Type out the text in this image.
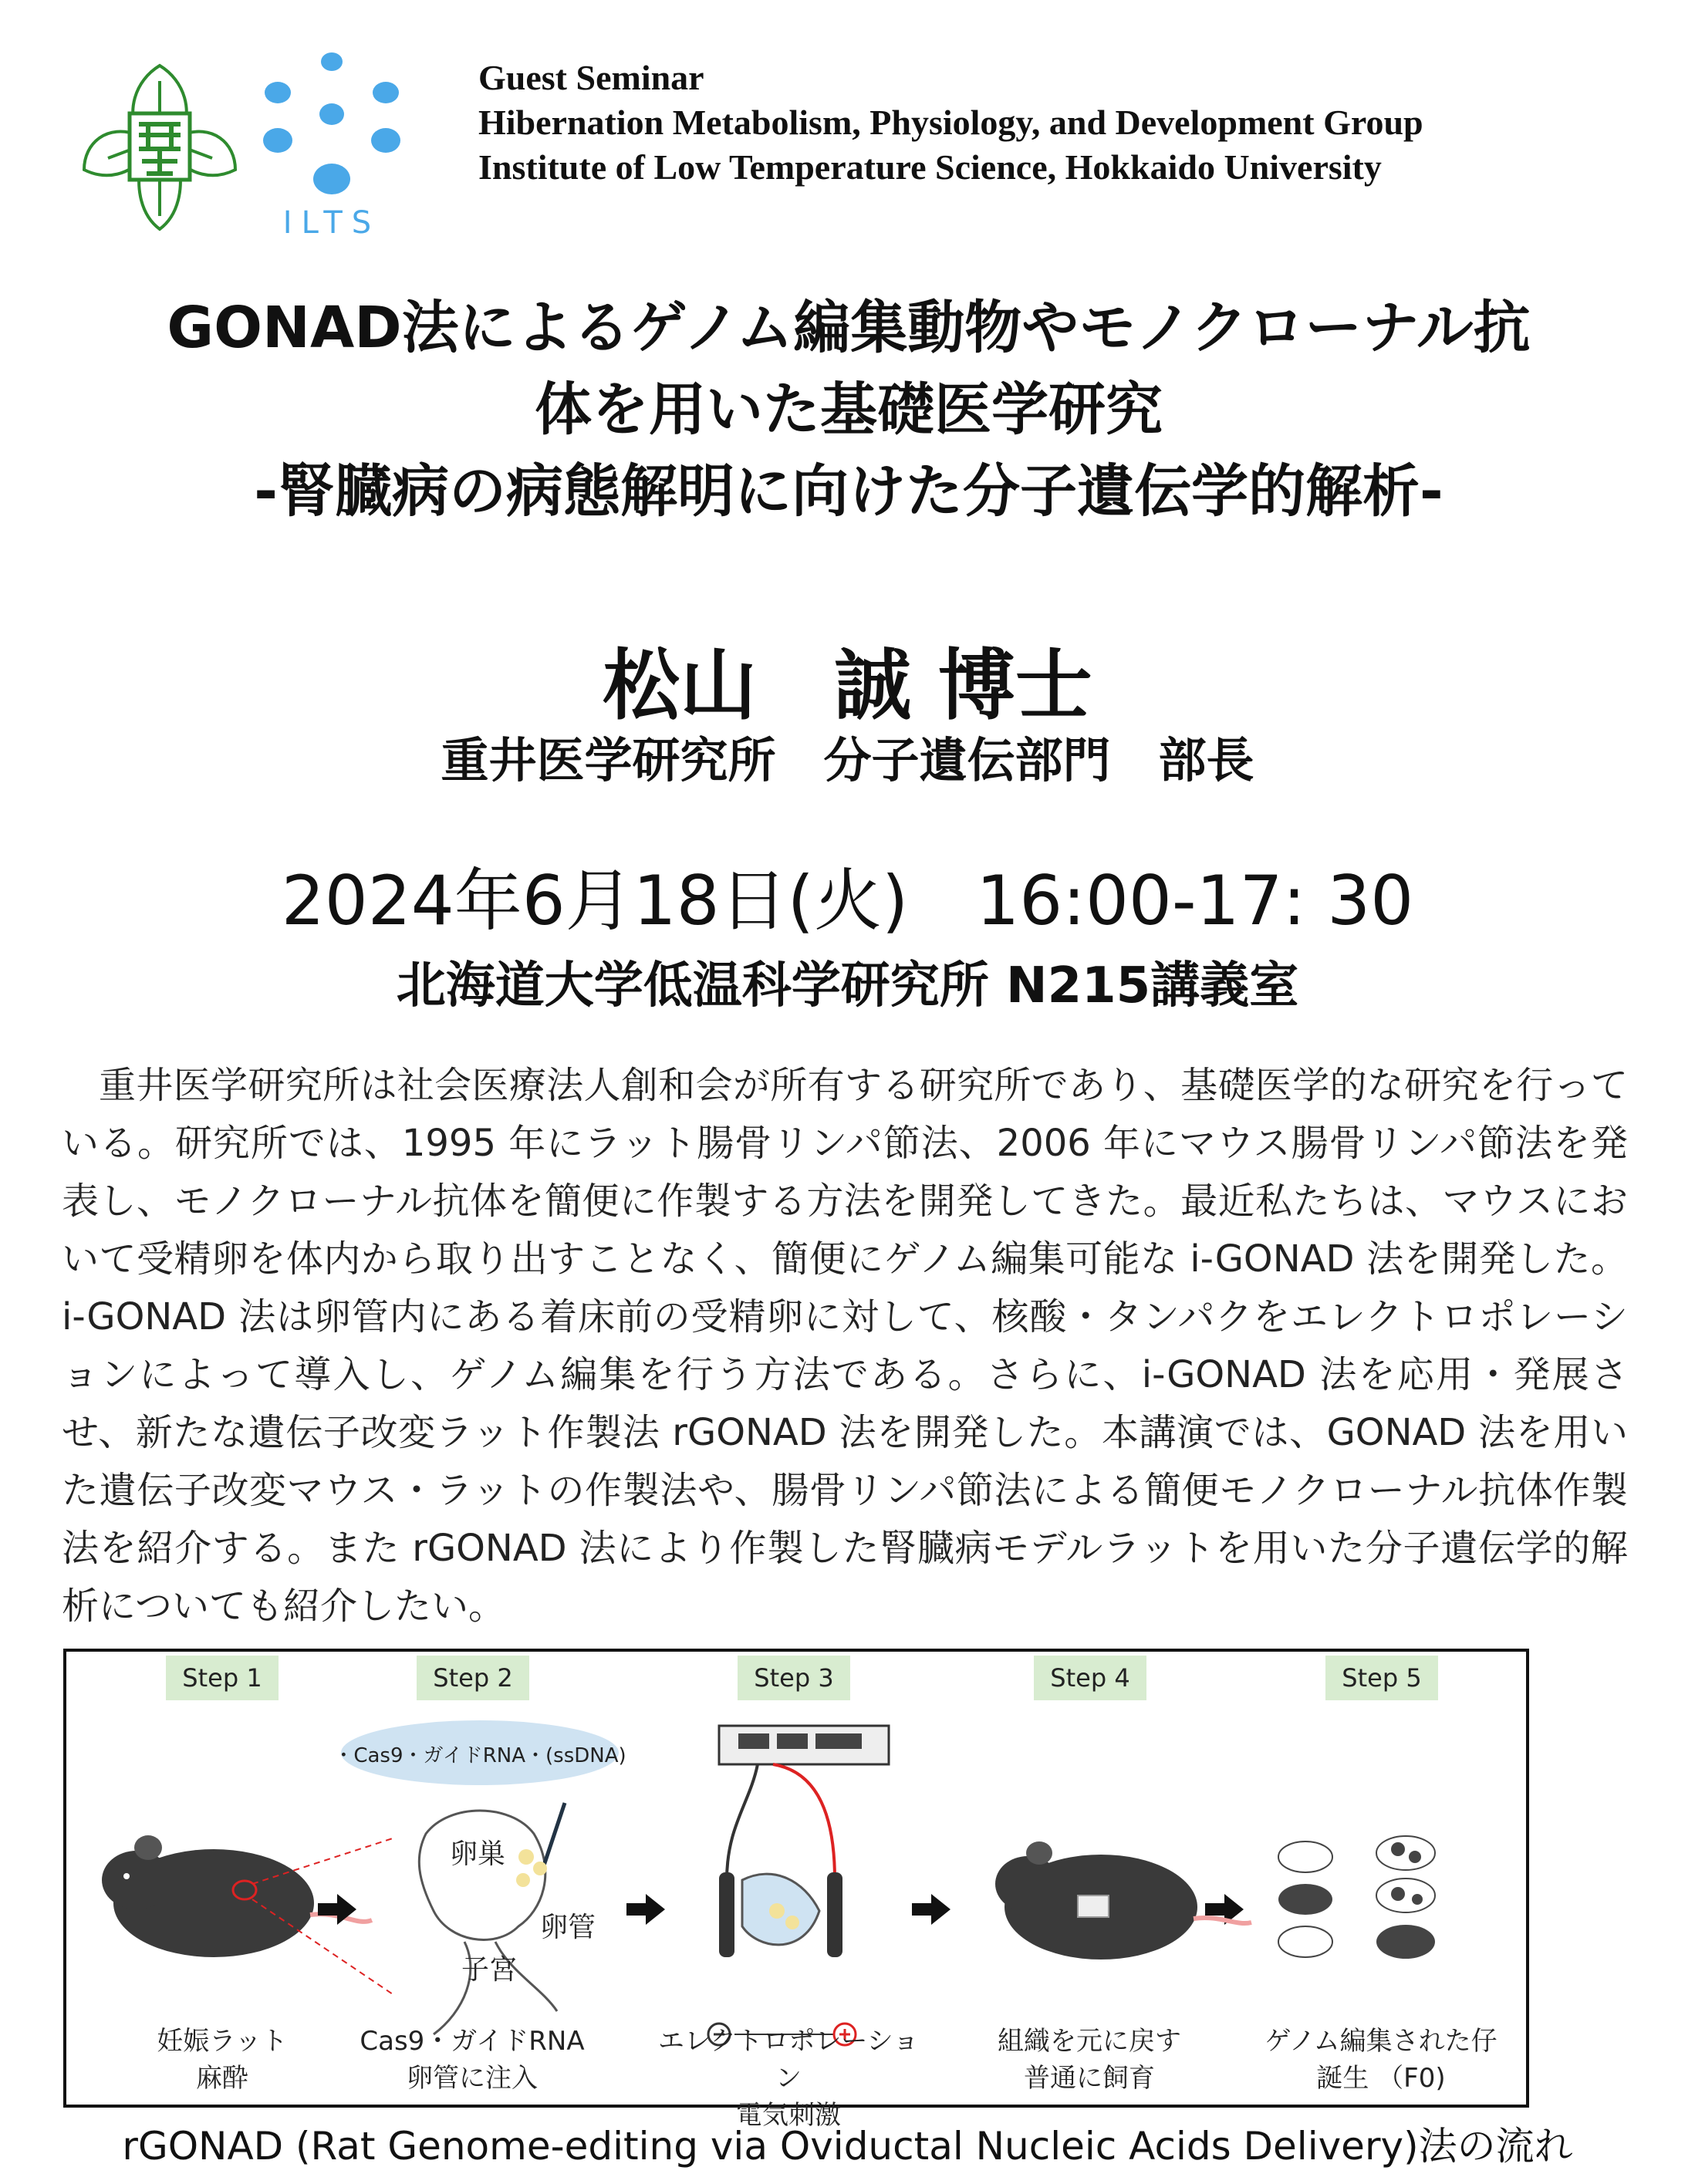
ILTS
Guest Seminar
Hibernation Metabolism, Physiology, and Development Group
Institute of Low Temperature Science, Hokkaido University
GONAD法によるゲノム編集動物やモノクローナル抗
体を用いた基礎医学研究
-腎臓病の病態解明に向けた分子遺伝学的解析-
松山　誠 博士
重井医学研究所　分子遺伝部門　部長
2024年6月18日(火)　16:00-17: 30
北海道大学低温科学研究所 N215講義室
重井医学研究所は社会医療法人創和会が所有する研究所であり、基礎医学的な研究を行っている。研究所では、1995 年にラット腸骨リンパ節法、2006 年にマウス腸骨リンパ節法を発表し、モノクローナル抗体を簡便に作製する方法を開発してきた。最近私たちは、マウスにおいて受精卵を体内から取り出すことなく、簡便にゲノム編集可能な i-GONAD 法を開発した。i-GONAD 法は卵管内にある着床前の受精卵に対して、核酸・タンパクをエレクトロポレーションによって導入し、ゲノム編集を行う方法である。さらに、i-GONAD 法を応用・発展させ、新たな遺伝子改変ラット作製法 rGONAD 法を開発した。本講演では、GONAD 法を用いた遺伝子改変マウス・ラットの作製法や、腸骨リンパ節法による簡便モノクローナル抗体作製法を紹介する。また rGONAD 法により作製した腎臓病モデルラットを用いた分子遺伝学的解析についても紹介したい。
・Cas9・ガイドRNA・(ssDNA)
Step 1	Step 2	Step 3	Step 4	Step 5
卵巣
卵管
子宮
妊娠ラット
麻酔
Cas9・ガイドRNA
卵管に注入
エレクトロポレーション
電気刺激
組織を元に戻す
普通に飼育
ゲノム編集された仔
誕生 （F0)
rGONAD (Rat Genome-editing via Oviductal Nucleic Acids Delivery)法の流れ
